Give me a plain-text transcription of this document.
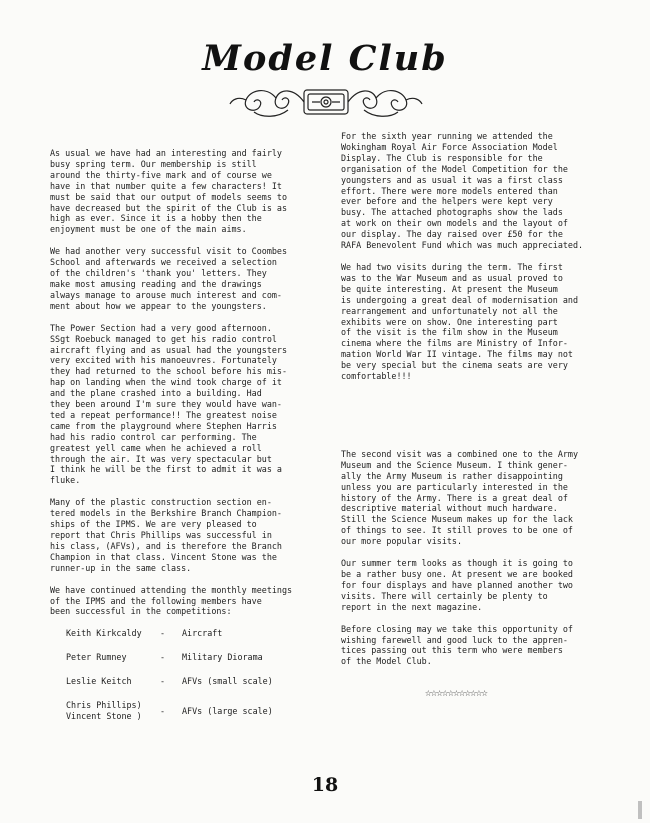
Model Club

As usual we have had an interesting and fairly
busy spring term. Our membership is still
around the thirty-five mark and of course we
have in that number quite a few characters! It
must be said that our output of models seems to
have decreased but the spirit of the Club is as
high as ever. Since it is a hobby then the
enjoyment must be one of the main aims.

We had another very successful visit to Coombes
School and afterwards we received a selection
of the children's 'thank you' letters. They
make most amusing reading and the drawings
always manage to arouse much interest and com-
ment about how we appear to the youngsters.

The Power Section had a very good afternoon.
SSgt Roebuck managed to get his radio control
aircraft flying and as usual had the youngsters
very excited with his manoeuvres. Fortunately
they had returned to the school before his mis-
hap on landing when the wind took charge of it
and the plane crashed into a building. Had
they been around I'm sure they would have wan-
ted a repeat performance!! The greatest noise
came from the playground where Stephen Harris
had his radio control car performing. The
greatest yell came when he achieved a roll
through the air. It was very spectacular but
I think he will be the first to admit it was a
fluke.

Many of the plastic construction section en-
tered models in the Berkshire Branch Champion-
ships of the IPMS. We are very pleased to
report that Chris Phillips was successful in
his class, (AFVs), and is therefore the Branch
Champion in that class. Vincent Stone was the
runner-up in the same class.

We have continued attending the monthly meetings
of the IPMS and the following members have
been successful in the competitions:

Keith Kirkcaldy	-	Aircraft
Peter Rumney	-	Military Diorama
Leslie Keitch	-	AFVs (small scale)
Chris Phillips)
Vincent Stone )	-	AFVs (large scale)

For the sixth year running we attended the
Wokingham Royal Air Force Association Model
Display. The Club is responsible for the
organisation of the Model Competition for the
youngsters and as usual it was a first class
effort. There were more models entered than
ever before and the helpers were kept very
busy. The attached photographs show the lads
at work on their own models and the layout of
our display. The day raised over £50 for the
RAFA Benevolent Fund which was much appreciated.

We had two visits during the term. The first
was to the War Museum and as usual proved to
be quite interesting. At present the Museum
is undergoing a great deal of modernisation and
rearrangement and unfortunately not all the
exhibits were on show. One interesting part
of the visit is the film show in the Museum
cinema where the films are Ministry of Infor-
mation World War II vintage. The films may not
be very special but the cinema seats are very
comfortable!!!

The second visit was a combined one to the Army
Museum and the Science Museum. I think gener-
ally the Army Museum is rather disappointing
unless you are particularly interested in the
history of the Army. There is a great deal of
descriptive material without much hardware.
Still the Science Museum makes up for the lack
of things to see. It still proves to be one of
our more popular visits.

Our summer term looks as though it is going to
be a rather busy one. At present we are booked
for four displays and have planned another two
visits. There will certainly be plenty to
report in the next magazine.

Before closing may we take this opportunity of
wishing farewell and good luck to the appren-
tices passing out this term who were members
of the Model Club.

☆☆☆☆☆☆☆☆☆☆☆
18
